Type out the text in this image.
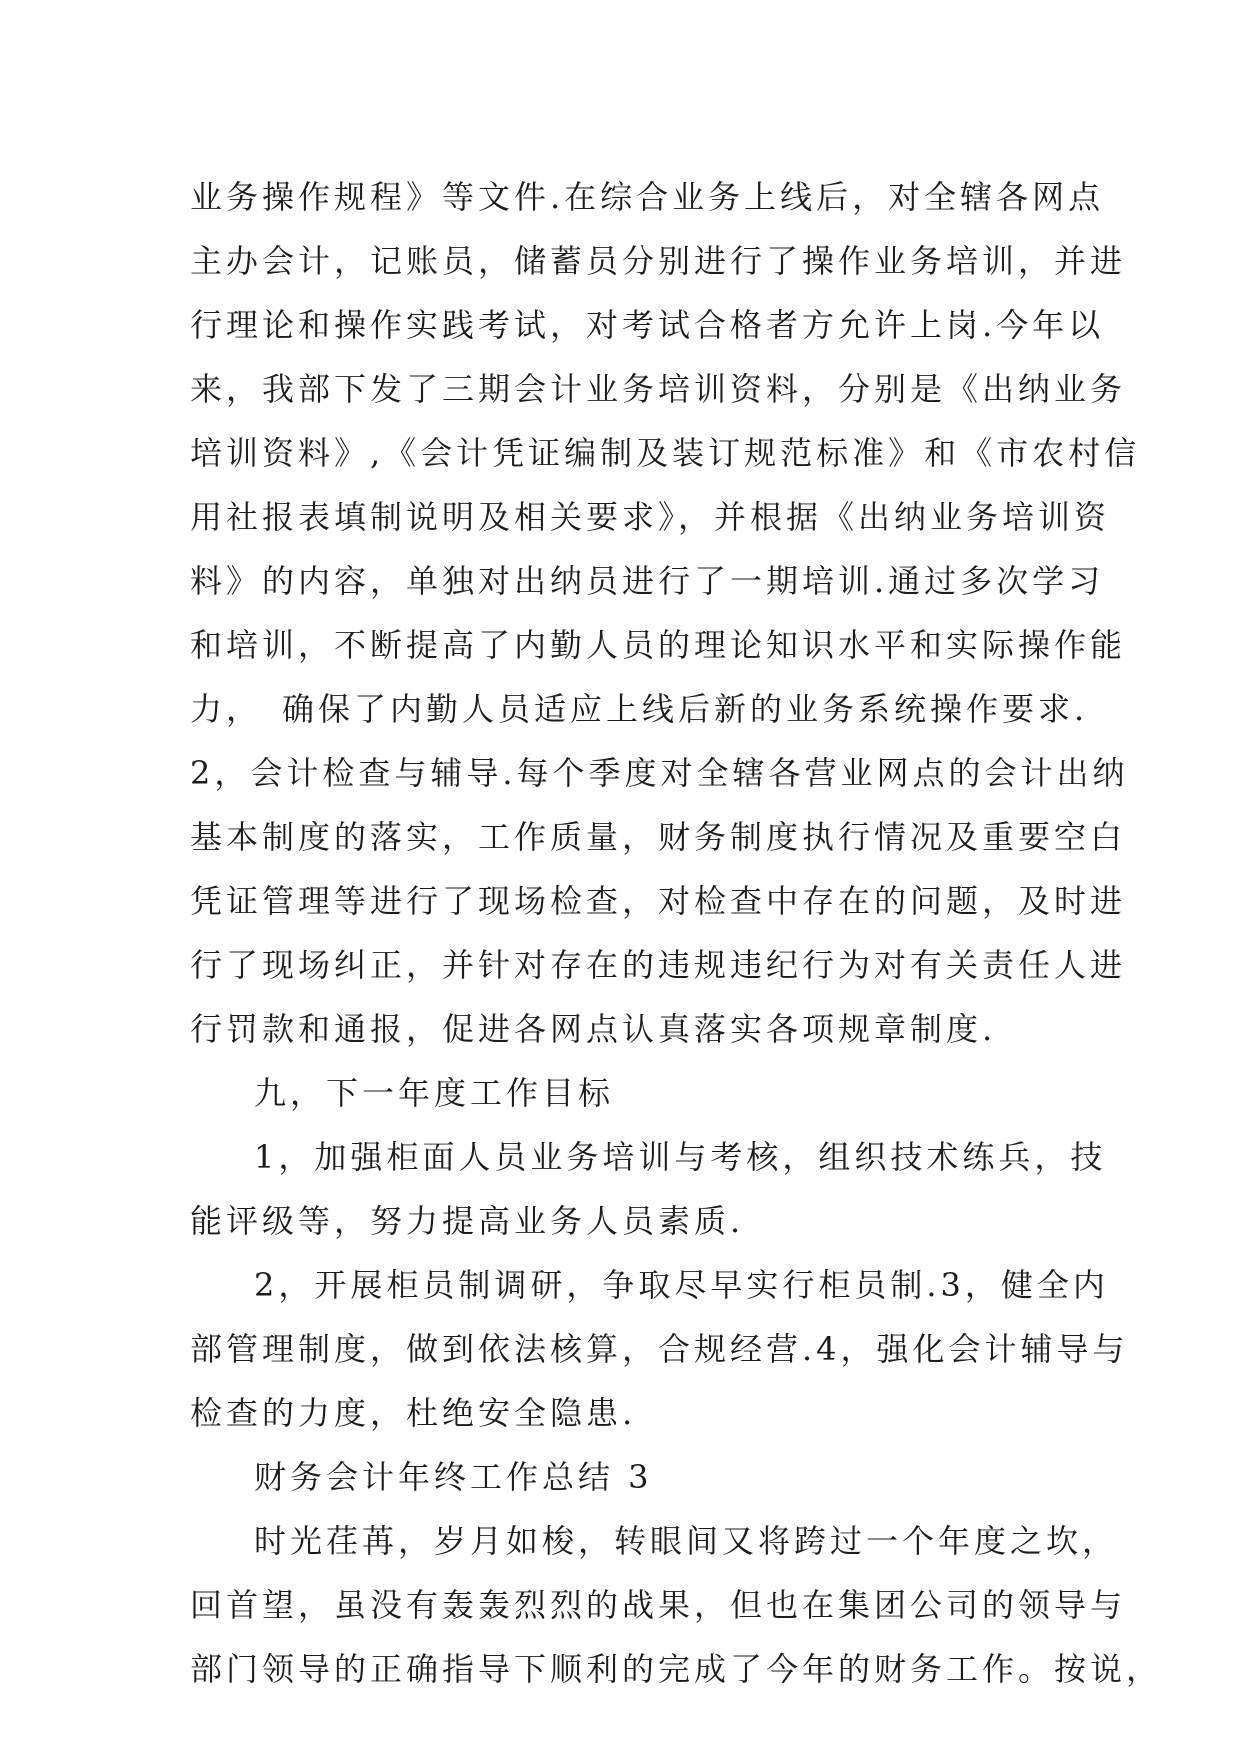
业务操作规程》等文件.在综合业务上线后，对全辖各网点
主办会计，记账员，储蓄员分别进行了操作业务培训，并进
行理论和操作实践考试，对考试合格者方允许上岗.今年以
来，我部下发了三期会计业务培训资料，分别是《出纳业务
培训资料》,《会计凭证编制及装订规范标准》和《市农村信
用社报表填制说明及相关要求》，并根据《出纳业务培训资
料》的内容，单独对出纳员进行了一期培训.通过多次学习
和培训，不断提高了内勤人员的理论知识水平和实际操作能
力，　确保了内勤人员适应上线后新的业务系统操作要求.
2，会计检查与辅导.每个季度对全辖各营业网点的会计出纳
基本制度的落实，工作质量，财务制度执行情况及重要空白
凭证管理等进行了现场检查，对检查中存在的问题，及时进
行了现场纠正，并针对存在的违规违纪行为对有关责任人进
行罚款和通报，促进各网点认真落实各项规章制度.
九，下一年度工作目标
1，加强柜面人员业务培训与考核，组织技术练兵，技
能评级等，努力提高业务人员素质.
2，开展柜员制调研，争取尽早实行柜员制.3，健全内
部管理制度，做到依法核算，合规经营.4，强化会计辅导与
检查的力度，杜绝安全隐患.
财务会计年终工作总结 3
时光荏苒，岁月如梭，转眼间又将跨过一个年度之坎，
回首望，虽没有轰轰烈烈的战果，但也在集团公司的领导与
部门领导的正确指导下顺利的完成了今年的财务工作。按说，
